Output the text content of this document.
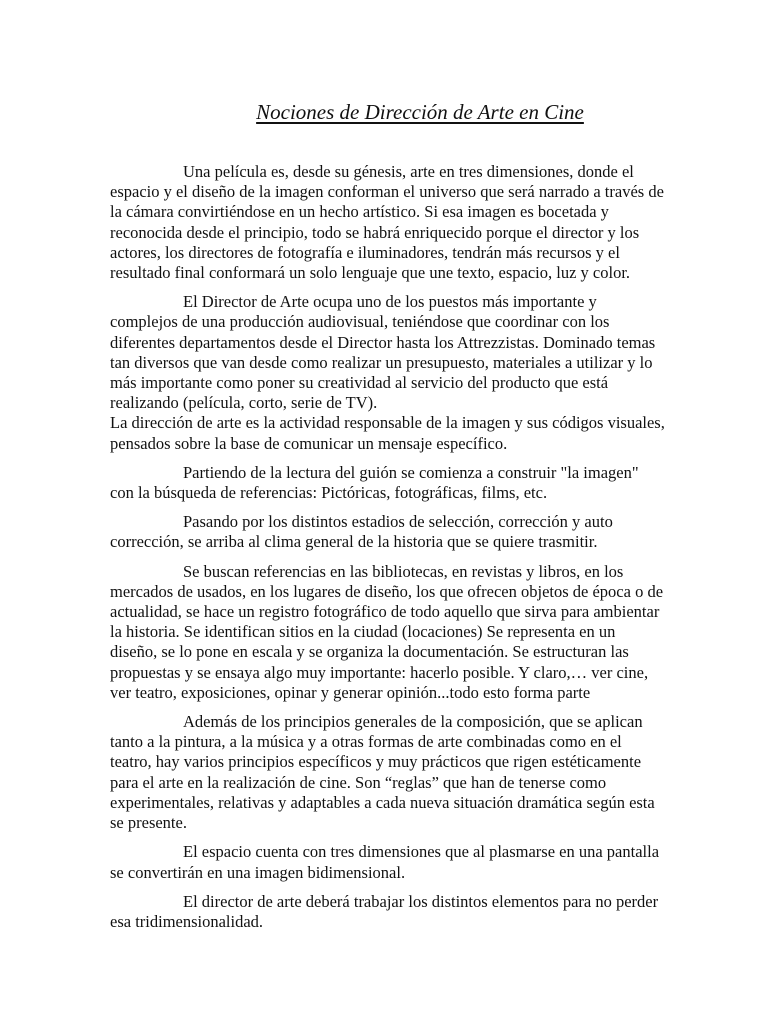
Nociones de Dirección de Arte en Cine

Una película es, desde su génesis, arte en tres dimensiones, donde el espacio y el diseño de la imagen conforman el universo que será narrado a través de la cámara convirtiéndose en un hecho artístico. Si esa imagen es bocetada y reconocida desde el principio, todo se habrá enriquecido porque el director y los actores, los directores de fotografía e iluminadores, tendrán más recursos y el resultado final conformará un solo lenguaje que une texto, espacio, luz y color.

El Director de Arte ocupa uno de los puestos más importante y complejos de una producción audiovisual, teniéndose que coordinar con los diferentes departamentos desde el Director hasta los Attrezzistas. Dominado temas tan diversos que van desde como realizar un presupuesto, materiales a utilizar y lo más importante como poner su creatividad al servicio del producto que está realizando (película, corto, serie de TV).
La dirección de arte es la actividad responsable de la imagen y sus códigos visuales, pensados sobre la base de comunicar un mensaje específico.

Partiendo de la lectura del guión se comienza a construir "la imagen" con la búsqueda de referencias: Pictóricas, fotográficas, films, etc.

Pasando por los distintos estadios de selección, corrección y auto corrección, se arriba al clima general de la historia que se quiere trasmitir.

Se buscan referencias en las bibliotecas, en revistas y libros, en los mercados de usados, en los lugares de diseño, los que ofrecen objetos de época o de actualidad, se hace un registro fotográfico de todo aquello que sirva para ambientar la historia. Se identifican sitios en la ciudad (locaciones) Se representa en un diseño, se lo pone en escala y se organiza la documentación. Se estructuran las propuestas y se ensaya algo muy importante: hacerlo posible. Y claro,… ver cine, ver teatro, exposiciones, opinar y generar opinión...todo esto forma parte

Además de los principios generales de la composición, que se aplican tanto a la pintura, a la música y a otras formas de arte combinadas como en el teatro, hay varios principios específicos y muy prácticos que rigen estéticamente para el arte en la realización de cine. Son “reglas” que han de tenerse como experimentales, relativas y adaptables a cada nueva situación dramática según esta se presente.

El espacio cuenta con tres dimensiones que al plasmarse en una pantalla se convertirán en una imagen bidimensional.

El director de arte deberá trabajar los distintos elementos para no perder esa tridimensionalidad.
